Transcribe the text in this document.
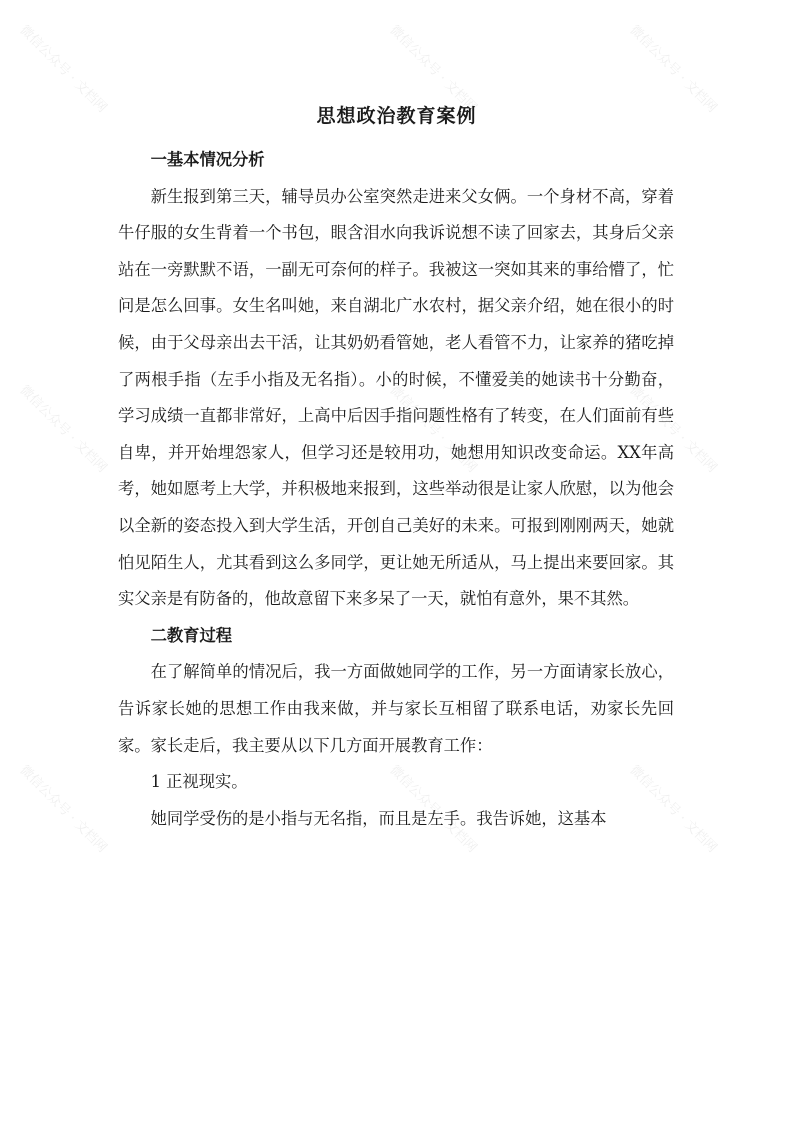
微信公众号 · 文档网	微信公众号 · 文档网	微信公众号 · 文档网
微信公众号 · 文档网	微信公众号 · 文档网	微信公众号 · 文档网
微信公众号 · 文档网	微信公众号 · 文档网	微信公众号 · 文档网
思想政治教育案例
一基本情况分析

新生报到第三天，辅导员办公室突然走进来父女俩。一个身材不高，穿着牛仔服的女生背着一个书包，眼含泪水向我诉说想不读了回家去，其身后父亲站在一旁默默不语，一副无可奈何的样子。我被这一突如其来的事给懵了，忙问是怎么回事。女生名叫她，来自湖北广水农村，据父亲介绍，她在很小的时候，由于父母亲出去干活，让其奶奶看管她，老人看管不力，让家养的猪吃掉了两根手指（左手小指及无名指）。小的时候，不懂爱美的她读书十分勤奋，学习成绩一直都非常好，上高中后因手指问题性格有了转变，在人们面前有些自卑，并开始埋怨家人，但学习还是较用功，她想用知识改变命运。XX年高考，她如愿考上大学，并积极地来报到，这些举动很是让家人欣慰，以为他会以全新的姿态投入到大学生活，开创自己美好的未来。可报到刚刚两天，她就怕见陌生人，尤其看到这么多同学，更让她无所适从，马上提出来要回家。其实父亲是有防备的，他故意留下来多呆了一天，就怕有意外，果不其然。

二教育过程

在了解简单的情况后，我一方面做她同学的工作，另一方面请家长放心，告诉家长她的思想工作由我来做，并与家长互相留了联系电话，劝家长先回家。家长走后，我主要从以下几方面开展教育工作：

1 正视现实。

她同学受伤的是小指与无名指，而且是左手。我告诉她，这基本
